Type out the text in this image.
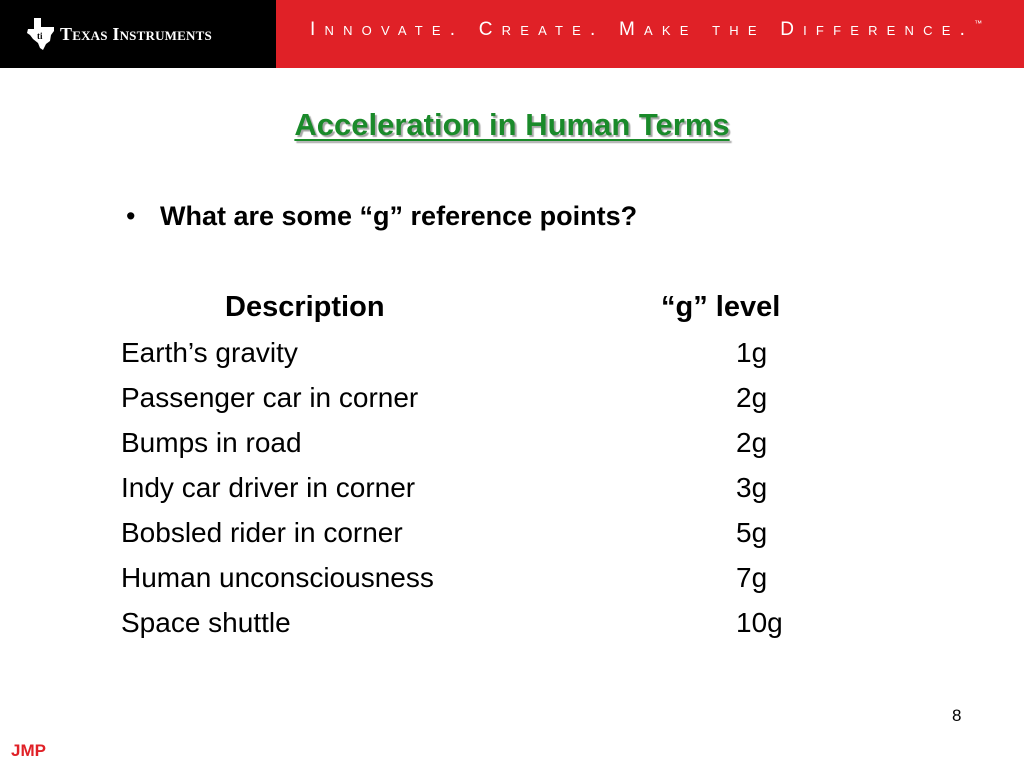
ti Texas Instruments	Innovate. Create. Make the Difference.™
Acceleration in Human Terms
• What are some “g” reference points?
Description	“g” level
Earth’s gravity	1g
Passenger car in corner	2g
Bumps in road	2g
Indy car driver in corner	3g
Bobsled rider in corner	5g
Human unconsciousness	7g
Space shuttle	10g
8
JMP
